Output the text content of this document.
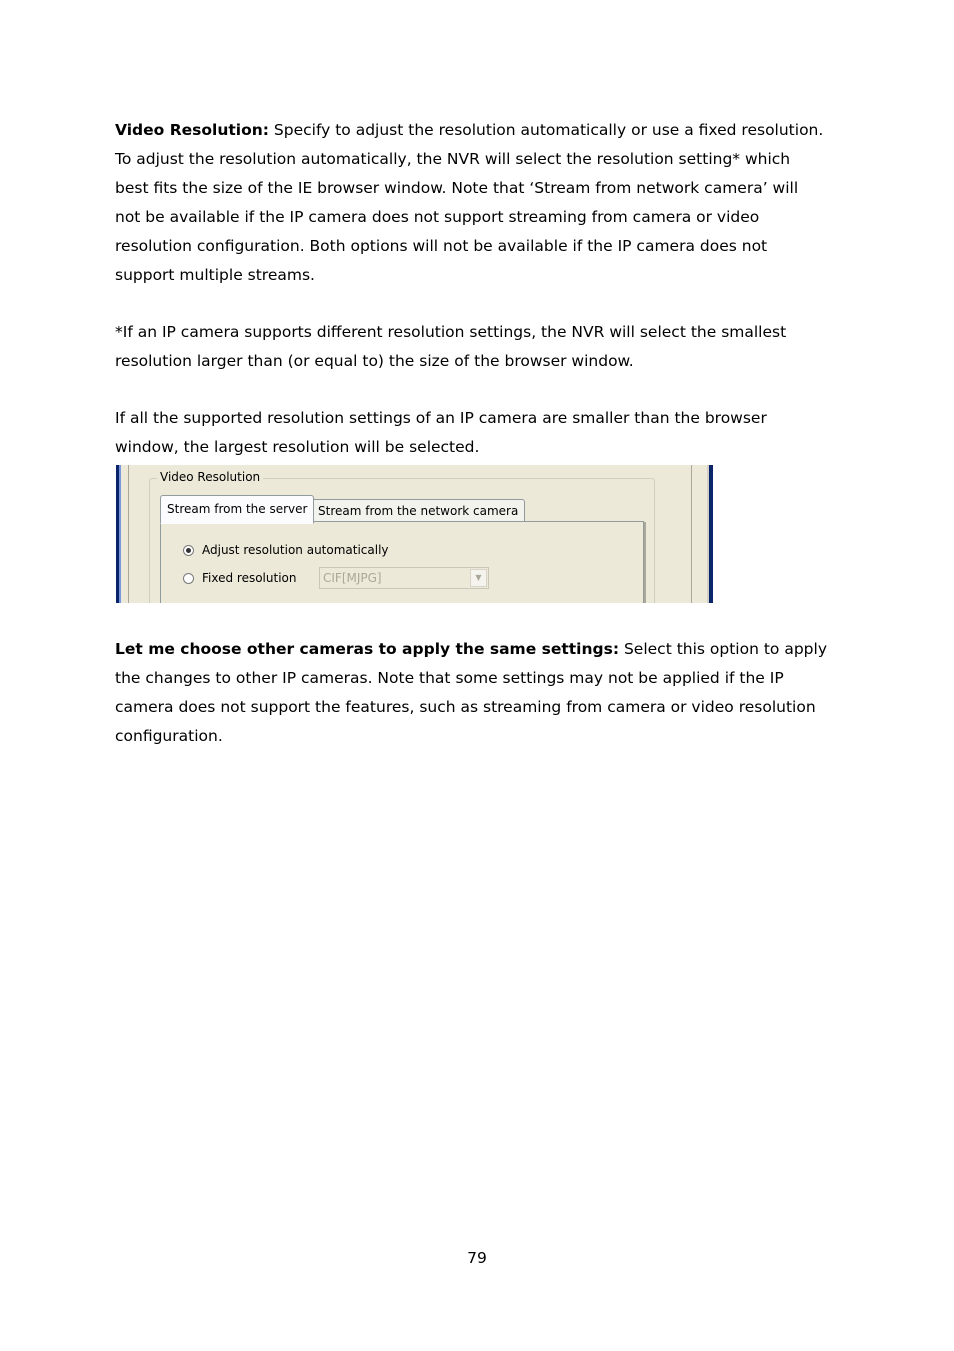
Video Resolution: Specify to adjust the resolution automatically or use a fixed resolution.
To adjust the resolution automatically, the NVR will select the resolution setting* which
best fits the size of the IE browser window. Note that ‘Stream from network camera’ will
not be available if the IP camera does not support streaming from camera or video
resolution configuration. Both options will not be available if the IP camera does not
support multiple streams.
*If an IP camera supports different resolution settings, the NVR will select the smallest
resolution larger than (or equal to) the size of the browser window.
If all the supported resolution settings of an IP camera are smaller than the browser
window, the largest resolution will be selected.
Video Resolution
Stream from the server Stream from the network camera
Adjust resolution automatically
Fixed resolution	CIF[MJPG]	▼
Let me choose other cameras to apply the same settings: Select this option to apply
the changes to other IP cameras. Note that some settings may not be applied if the IP
camera does not support the features, such as streaming from camera or video resolution
configuration.
79
